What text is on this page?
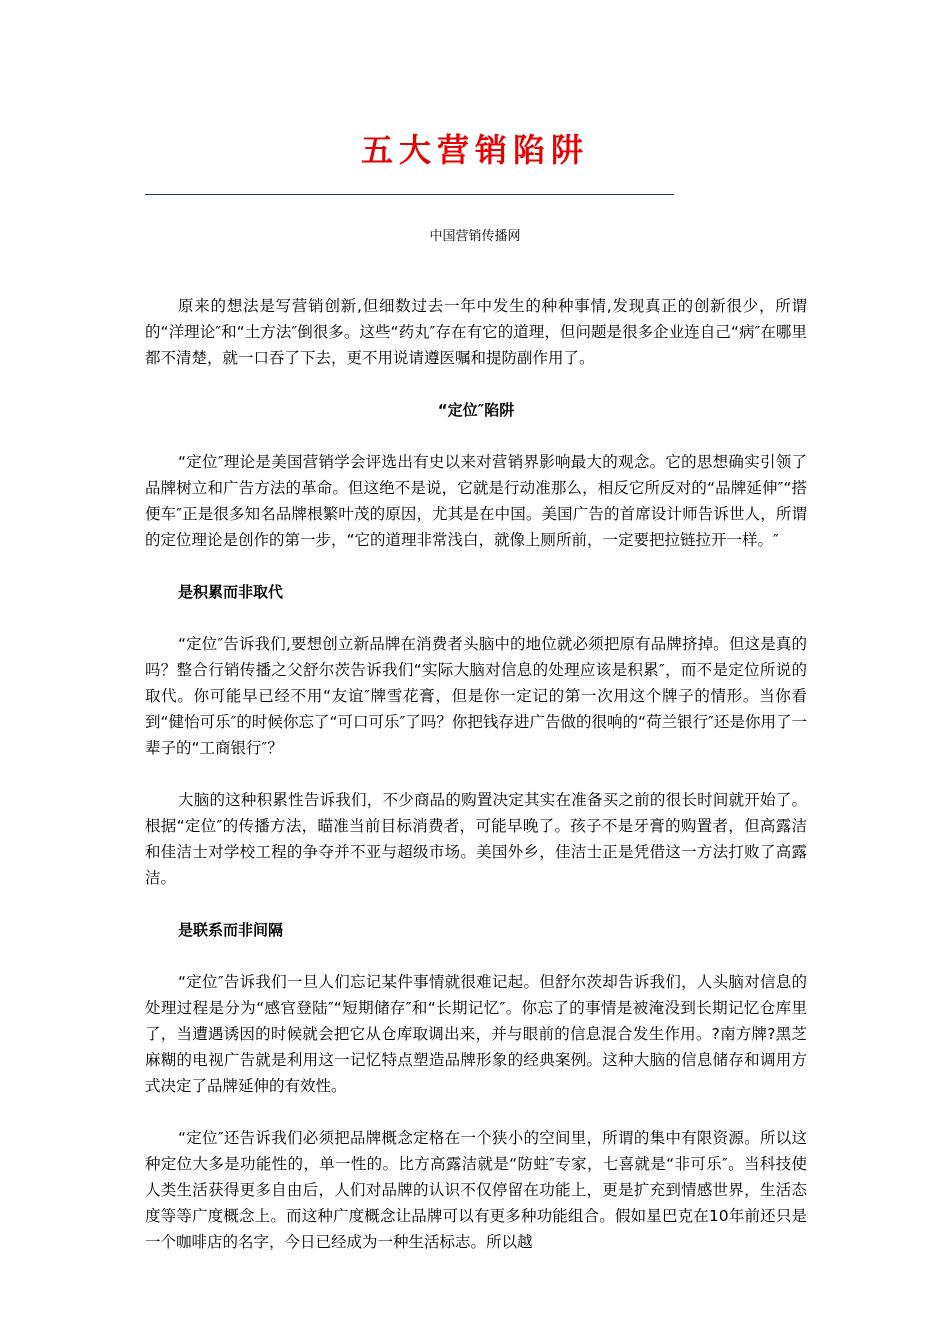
五大营销陷阱
中国营销传播网

原来的想法是写营销创新,但细数过去一年中发生的种种事情,发现真正的创新很少，所谓的“洋理论″和“土方法″倒很多。这些“药丸″存在有它的道理，但问题是很多企业连自己“病″在哪里都不清楚，就一口吞了下去，更不用说请遵医嘱和提防副作用了。

“定位″陷阱

“定位″理论是美国营销学会评选出有史以来对营销界影响最大的观念。它的思想确实引领了品牌树立和广告方法的革命。但这绝不是说，它就是行动准那么，相反它所反对的“品牌延伸″“搭便车″正是很多知名品牌根繁叶茂的原因，尤其是在中国。美国广告的首席设计师告诉世人，所谓的定位理论是创作的第一步，“它的道理非常浅白，就像上厕所前，一定要把拉链拉开一样。″

是积累而非取代

“定位″告诉我们,要想创立新品牌在消费者头脑中的地位就必须把原有品牌挤掉。但这是真的吗？整合行销传播之父舒尔茨告诉我们“实际大脑对信息的处理应该是积累″，而不是定位所说的取代。你可能早已经不用“友谊″牌雪花膏，但是你一定记的第一次用这个牌子的情形。当你看到“健怡可乐″的时候你忘了“可口可乐″了吗？你把钱存进广告做的很响的“荷兰银行″还是你用了一辈子的“工商银行″？

大脑的这种积累性告诉我们，不少商品的购置决定其实在准备买之前的很长时间就开始了。根据“定位″的传播方法，瞄准当前目标消费者，可能早晚了。孩子不是牙膏的购置者，但高露洁和佳洁士对学校工程的争夺并不亚与超级市场。美国外乡，佳洁士正是凭借这一方法打败了高露洁。

是联系而非间隔

“定位″告诉我们一旦人们忘记某件事情就很难记起。但舒尔茨却告诉我们，人头脑对信息的处理过程是分为“感官登陆″“短期储存″和“长期记忆″。你忘了的事情是被淹没到长期记忆仓库里了，当遭遇诱因的时候就会把它从仓库取调出来，并与眼前的信息混合发生作用。?南方牌?黑芝麻糊的电视广告就是利用这一记忆特点塑造品牌形象的经典案例。这种大脑的信息储存和调用方式决定了品牌延伸的有效性。

“定位″还告诉我们必须把品牌概念定格在一个狭小的空间里，所谓的集中有限资源。所以这种定位大多是功能性的，单一性的。比方高露洁就是“防蛀″专家，七喜就是“非可乐″。当科技使人类生活获得更多自由后，人们对品牌的认识不仅停留在功能上，更是扩充到情感世界，生活态度等等广度概念上。而这种广度概念让品牌可以有更多种功能组合。假如星巴克在10年前还只是一个咖啡店的名字，今日已经成为一种生活标志。所以越
